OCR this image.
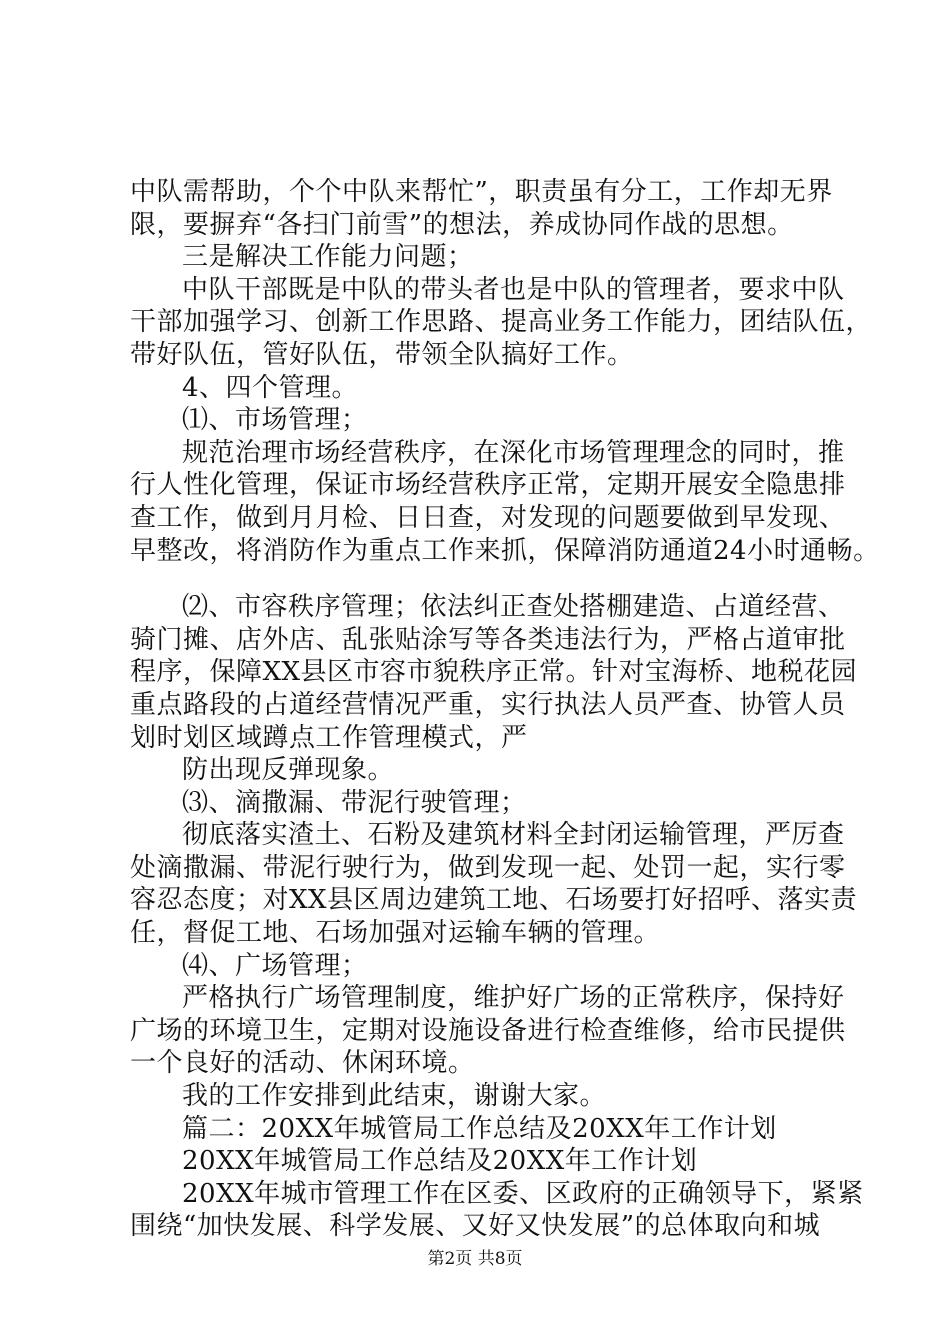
中队需帮助，个个中队来帮忙”，职责虽有分工，工作却无界
限，要摒弃“各扫门前雪”的想法，养成协同作战的思想。
三是解决工作能力问题；
中队干部既是中队的带头者也是中队的管理者，要求中队
干部加强学习、创新工作思路、提高业务工作能力，团结队伍，
带好队伍，管好队伍，带领全队搞好工作。
4、四个管理。
⑴、市场管理；
规范治理市场经营秩序，在深化市场管理理念的同时，推
行人性化管理，保证市场经营秩序正常，定期开展安全隐患排
查工作，做到月月检、日日查，对发现的问题要做到早发现、
早整改，将消防作为重点工作来抓，保障消防通道24小时通畅。
⑵、市容秩序管理；依法纠正查处搭棚建造、占道经营、
骑门摊、店外店、乱张贴涂写等各类违法行为，严格占道审批
程序，保障XX县区市容市貌秩序正常。针对宝海桥、地税花园
重点路段的占道经营情况严重，实行执法人员严查、协管人员
划时划区域蹲点工作管理模式，严
防出现反弹现象。
⑶、滴撒漏、带泥行驶管理；
彻底落实渣土、石粉及建筑材料全封闭运输管理，严厉查
处滴撒漏、带泥行驶行为，做到发现一起、处罚一起，实行零
容忍态度；对XX县区周边建筑工地、石场要打好招呼、落实责
任，督促工地、石场加强对运输车辆的管理。
⑷、广场管理；
严格执行广场管理制度，维护好广场的正常秩序，保持好
广场的环境卫生，定期对设施设备进行检查维修，给市民提供
一个良好的活动、休闲环境。
我的工作安排到此结束，谢谢大家。
篇二：20XX年城管局工作总结及20XX年工作计划
20XX年城管局工作总结及20XX年工作计划
20XX年城市管理工作在区委、区政府的正确领导下，紧紧
围绕“加快发展、科学发展、又好又快发展”的总体取向和城
第2页 共8页
